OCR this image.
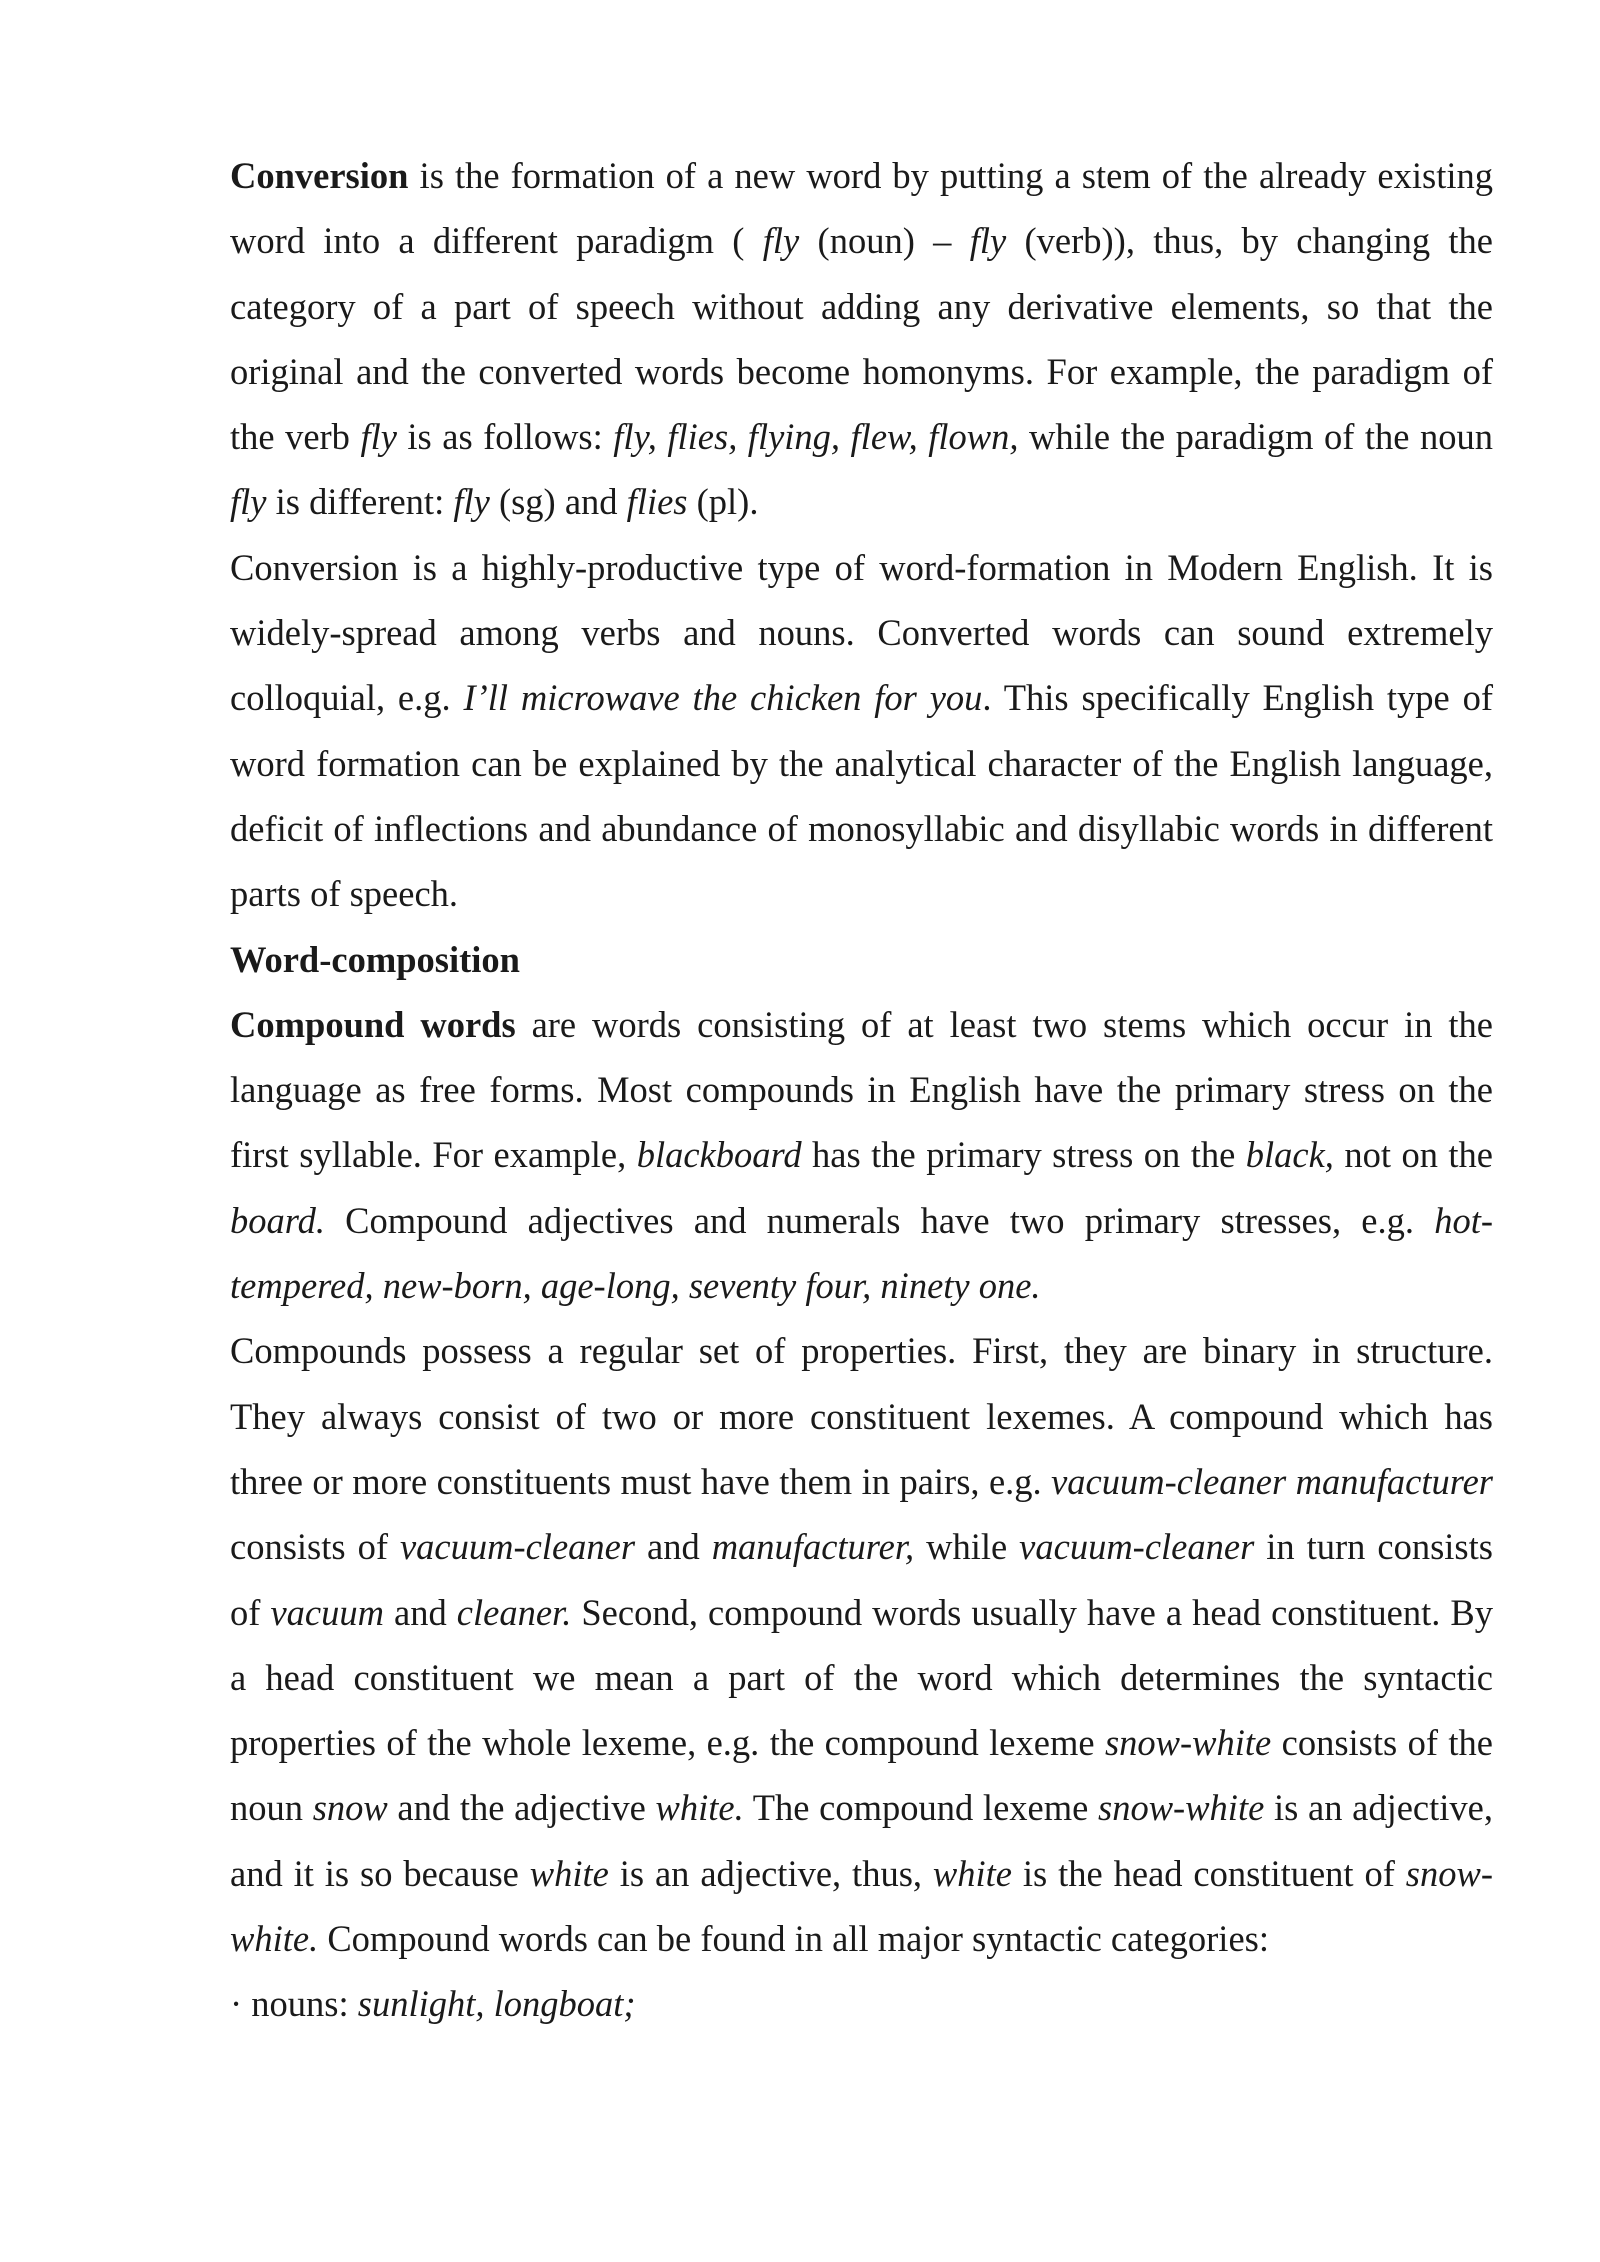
Conversion is the formation of a new word by putting a stem of the already existing word into a different paradigm ( fly (noun) – fly (verb)), thus, by changing the category of a part of speech without adding any derivative elements, so that the original and the converted words become homonyms. For example, the paradigm of the verb fly is as follows: fly, flies, flying, flew, flown, while the paradigm of the noun fly is different: fly (sg) and flies (pl).

Conversion is a highly-productive type of word-formation in Modern English. It is widely-spread among verbs and nouns. Converted words can sound extremely colloquial, e.g. I’ll microwave the chicken for you. This specifically English type of word formation can be explained by the analytical character of the English language, deficit of inflections and abundance of monosyllabic and disyllabic words in different parts of speech.

Word-composition

Compound words are words consisting of at least two stems which occur in the language as free forms. Most compounds in English have the primary stress on the first syllable. For example, blackboard has the primary stress on the black, not on the board. Compound adjectives and numerals have two primary stresses, e.g. hot-tempered, new-born, age-long, seventy four, ninety one.

Compounds possess a regular set of properties. First, they are binary in structure. They always consist of two or more constituent lexemes. A compound which has three or more constituents must have them in pairs, e.g. vacuum-cleaner manufacturer consists of vacuum-cleaner and manufacturer, while vacuum-cleaner in turn consists of vacuum and cleaner. Second, compound words usually have a head constituent. By a head constituent we mean a part of the word which determines the syntactic properties of the whole lexeme, e.g. the compound lexeme snow-white consists of the noun snow and the adjective white. The compound lexeme snow-white is an adjective, and it is so because white is an adjective, thus, white is the head constituent of snow-white. Compound words can be found in all major syntactic categories:

· nouns: sunlight, longboat;
